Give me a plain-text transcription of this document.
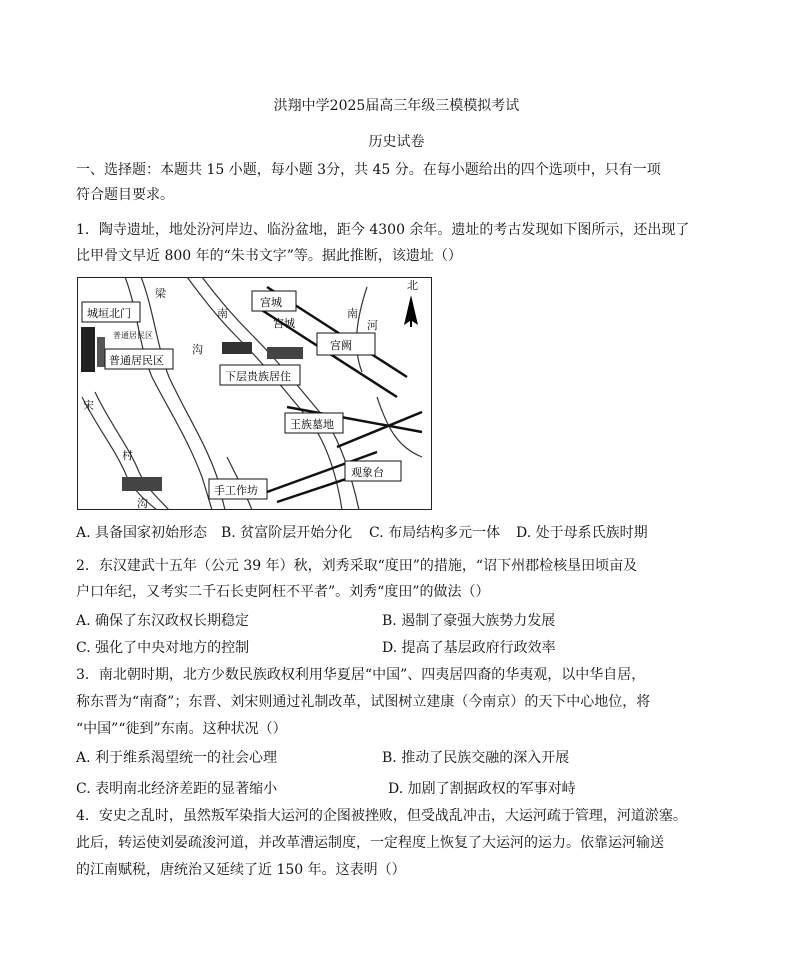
洪翔中学2025届高三年级三模模拟考试
历史试卷
一、选择题：本题共 15 小题，每小题 3分，共 45 分。在每小题给出的四个选项中，只有一项
符合题目要求。
1．陶寺遗址，地处汾河岸边、临汾盆地，距今 4300 余年。遗址的考古发现如下图所示，还出现了
比甲骨文早近 800 年的“朱书文字”等。据此推断，该遗址（）
梁
南	南
河
沟
沟
宋
村
普通居民区
北
城垣北门
宫城
宫城
宫阙
普通居民区
下层贵族居住
王族墓地
观象台
手工作坊
A. 具备国家初始形态 B. 贫富阶层开始分化 C. 布局结构多元一体 D. 处于母系氏族时期
2．东汉建武十五年（公元 39 年）秋，刘秀采取“度田”的措施，“诏下州郡检核垦田顷亩及
户口年纪，又考实二千石长吏阿枉不平者”。刘秀“度田”的做法（）
A. 确保了东汉政权长期稳定	B. 遏制了豪强大族势力发展
C. 强化了中央对地方的控制	D. 提高了基层政府行政效率
3．南北朝时期，北方少数民族政权利用华夏居“中国”、四夷居四裔的华夷观，以中华自居，
称东晋为“南裔”；东晋、刘宋则通过礼制改革，试图树立建康（今南京）的天下中心地位，将
“中国”“徙到”东南。这种状况（）
A. 利于维系渴望统一的社会心理	B. 推动了民族交融的深入开展
C. 表明南北经济差距的显著缩小	D. 加剧了割据政权的军事对峙
4．安史之乱时，虽然叛军染指大运河的企图被挫败，但受战乱冲击，大运河疏于管理，河道淤塞。
此后，转运使刘晏疏浚河道，并改革漕运制度，一定程度上恢复了大运河的运力。依靠运河输送
的江南赋税，唐统治又延续了近 150 年。这表明（）
